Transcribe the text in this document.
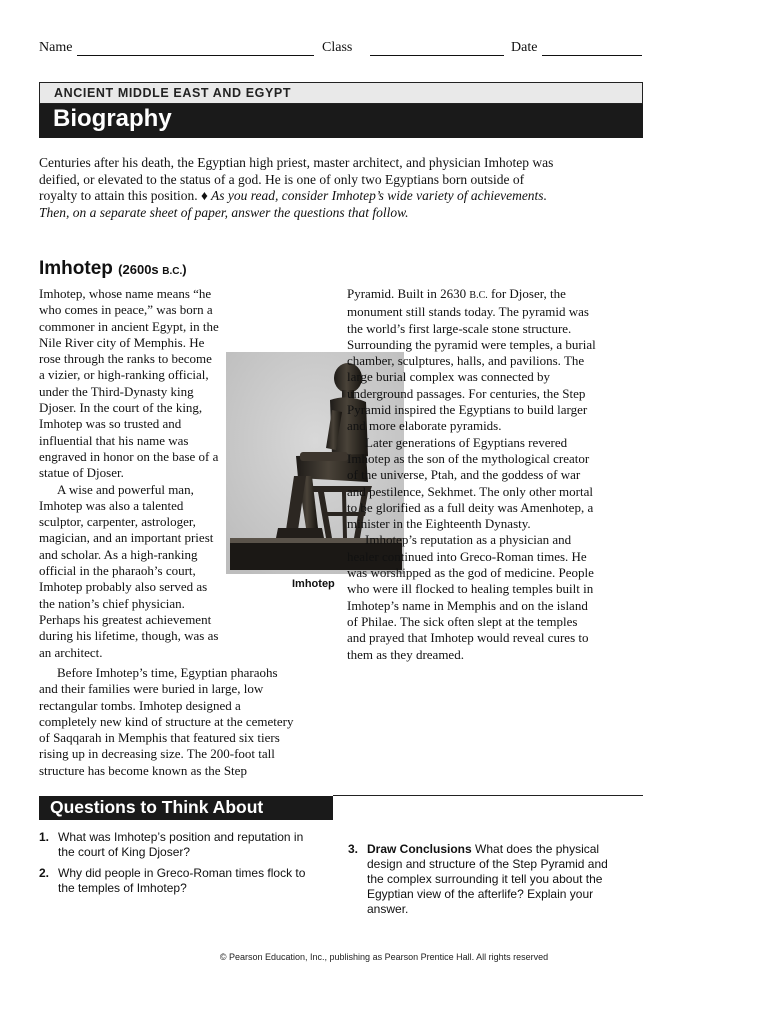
Name	Class	Date
ANCIENT MIDDLE EAST AND EGYPT
Biography
Centuries after his death, the Egyptian high priest, master architect, and physician Imhotep was deified, or elevated to the status of a god. He is one of only two Egyptians born outside of royalty to attain this position. ♦ As you read, consider Imhotep’s wide variety of achievements. Then, on a separate sheet of paper, answer the questions that follow.
Imhotep (2600s B.C.)

Imhotep, whose name means “he who comes in peace,” was born a commoner in ancient Egypt, in the Nile River city of Memphis. He rose through the ranks to become a vizier, or high-ranking official, under the Third-Dynasty king Djoser. In the court of the king, Imhotep was so trusted and influential that his name was engraved in honor on the base of a statue of Djoser.

A wise and powerful man, Imhotep was also a talented sculptor, carpenter, astrologer, magician, and an important priest and scholar. As a high-ranking official in the pharaoh’s court, Imhotep probably also served as the nation’s chief physician. Perhaps his greatest achievement during his lifetime, though, was as an architect.

Before Imhotep’s time, Egyptian pharaohs and their families were buried in large, low rectangular tombs. Imhotep designed a completely new kind of structure at the cemetery of Saqqarah in Memphis that featured six tiers rising up in decreasing size. The 200-foot tall structure has become known as the Step

Imhotep

Pyramid. Built in 2630 B.C. for Djoser, the monument still stands today. The pyramid was the world’s first large-scale stone structure. Surrounding the pyramid were temples, a burial chamber, sculptures, halls, and pavilions. The large burial complex was connected by underground passages. For centuries, the Step Pyramid inspired the Egyptians to build larger and more elaborate pyramids.

Later generations of Egyptians revered Imhotep as the son of the mythological creator of the universe, Ptah, and the goddess of war and pestilence, Sekhmet. The only other mortal to be glorified as a full deity was Amenhotep, a minister in the Eighteenth Dynasty.

Imhotep’s reputation as a physician and healer continued into Greco-Roman times. He was worshipped as the god of medicine. People who were ill flocked to healing temples built in Imhotep’s name in Memphis and on the island of Philae. The sick often slept at the temples and prayed that Imhotep would reveal cures to them as they dreamed.

Questions to Think About
1. What was Imhotep’s position and reputation in the court of King Djoser?
2. Why did people in Greco-Roman times flock to the temples of Imhotep?
3. Draw Conclusions What does the physical design and structure of the Step Pyramid and the complex surrounding it tell you about the Egyptian view of the afterlife? Explain your answer.
© Pearson Education, Inc., publishing as Pearson Prentice Hall. All rights reserved
